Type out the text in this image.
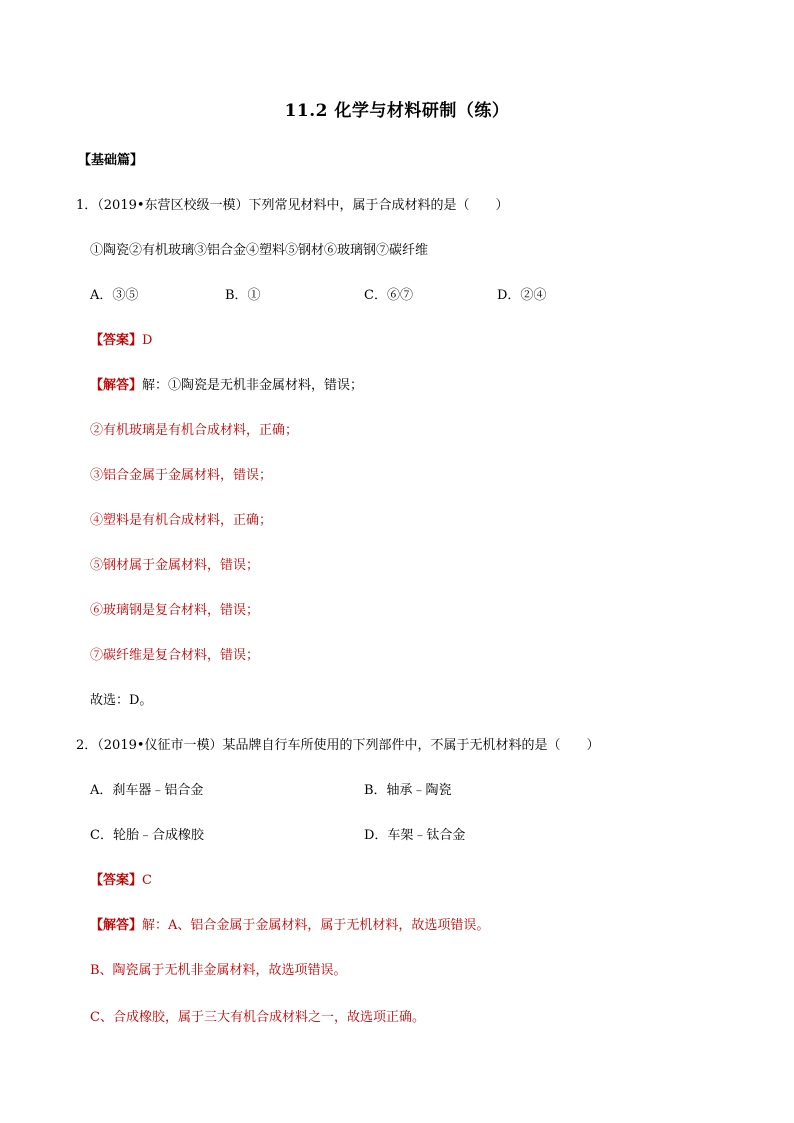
11.2 化学与材料研制（练）
【基础篇】
1．（2019•东营区校级一模）下列常见材料中，属于合成材料的是（　　）
①陶瓷②有机玻璃③铝合金④塑料⑤钢材⑥玻璃钢⑦碳纤维
A．③⑤	B．①	C．⑥⑦	D．②④
【答案】D
【解答】解：①陶瓷是无机非金属材料，错误；
②有机玻璃是有机合成材料，正确；
③铝合金属于金属材料，错误；
④塑料是有机合成材料，正确；
⑤钢材属于金属材料，错误；
⑥玻璃钢是复合材料，错误；
⑦碳纤维是复合材料，错误；
故选：D。
2．（2019•仪征市一模）某品牌自行车所使用的下列部件中，不属于无机材料的是（　　）
A．刹车器﹣铝合金	B．轴承﹣陶瓷
C．轮胎﹣合成橡胶	D．车架﹣钛合金
【答案】C
【解答】解：A、铝合金属于金属材料，属于无机材料，故选项错误。
B、陶瓷属于无机非金属材料，故选项错误。
C、合成橡胶，属于三大有机合成材料之一，故选项正确。
